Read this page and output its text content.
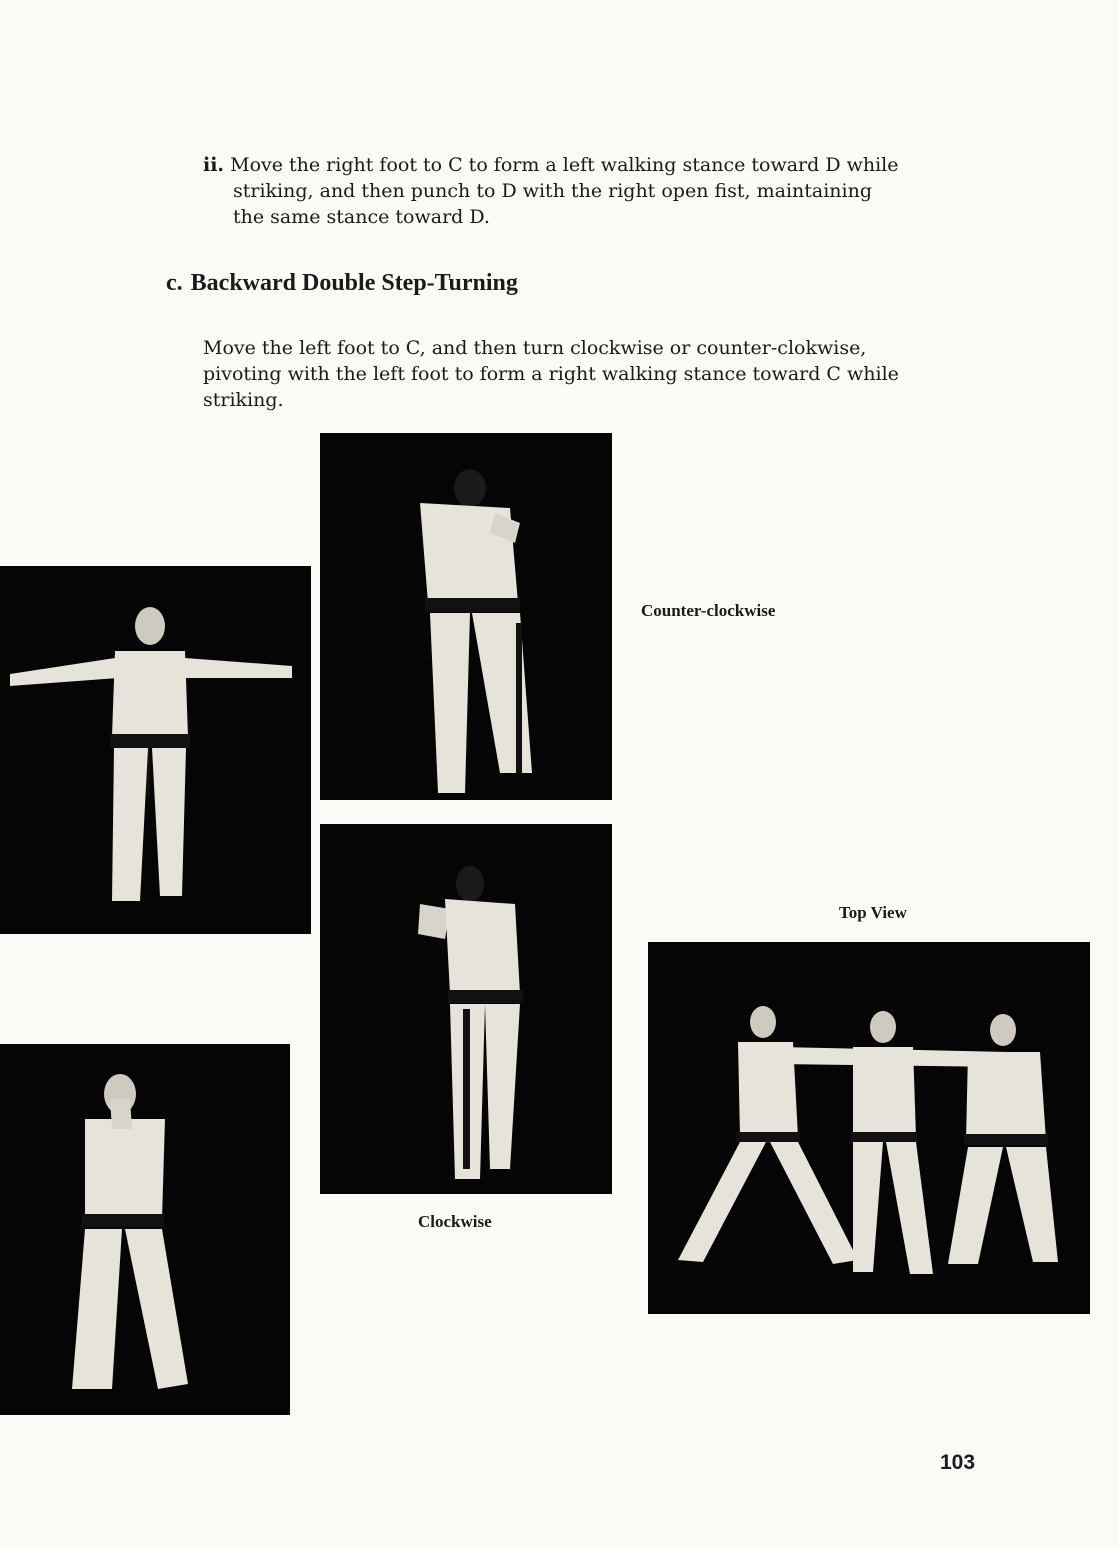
ii. Move the right foot to C to form a left walking stance toward D while
striking, and then punch to D with the right open fist, maintaining
the same stance toward D.

c. Backward Double Step-Turning

Move the left foot to C, and then turn clockwise or counter-clokwise,
pivoting with the left foot to form a right walking stance toward C while
striking.

Counter-clockwise

Clockwise

Top View

103
